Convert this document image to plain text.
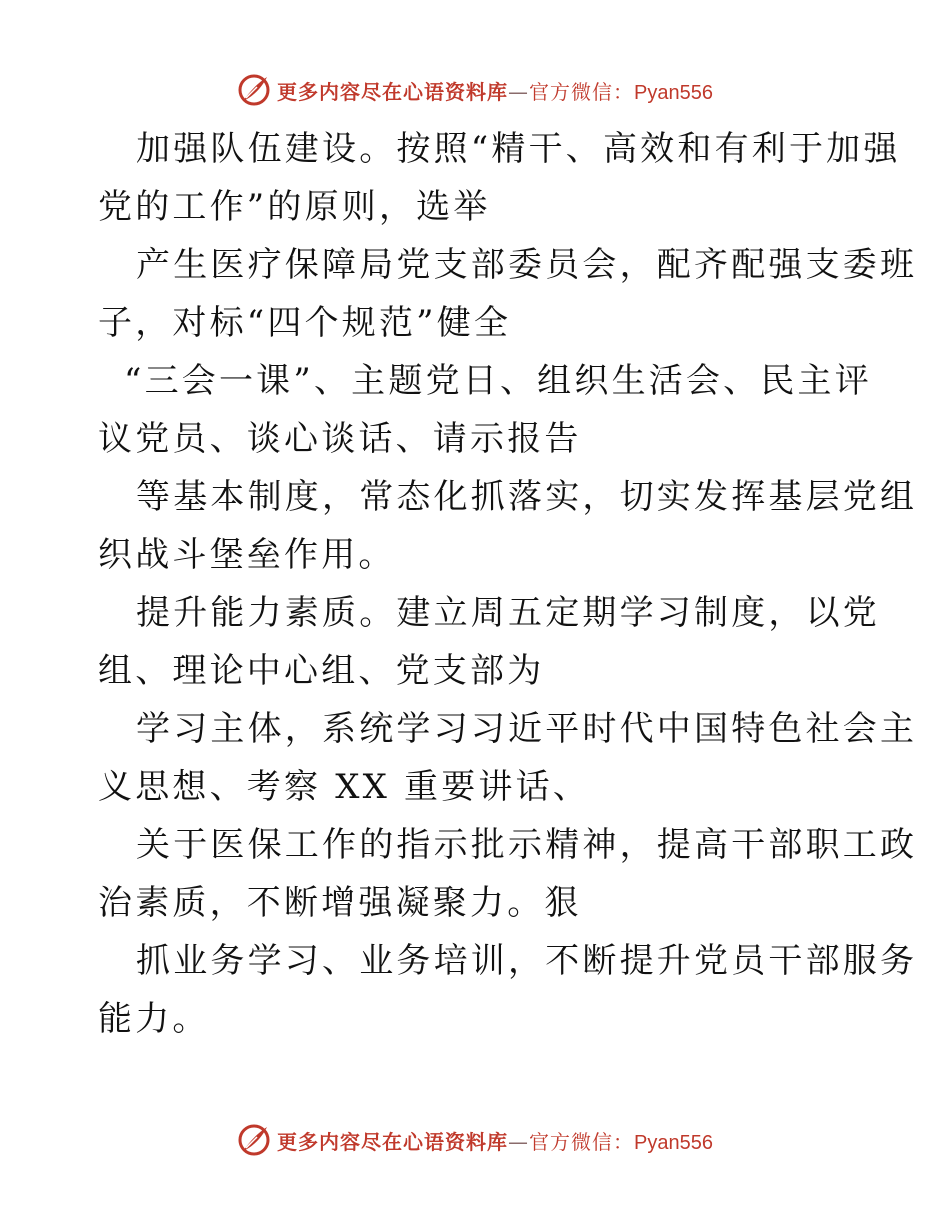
更多内容尽在心语资料库 — 官方微信： Pyan556
加强队伍建设。按照“精干、高效和有利于加强
党的工作”的原则，选举
产生医疗保障局党支部委员会，配齐配强支委班
子，对标“四个规范”健全
“三会一课”、主题党日、组织生活会、民主评
议党员、谈心谈话、请示报告
等基本制度，常态化抓落实，切实发挥基层党组
织战斗堡垒作用。
提升能力素质。建立周五定期学习制度，以党
组、理论中心组、党支部为
学习主体，系统学习习近平时代中国特色社会主
义思想、考察 XX 重要讲话、
关于医保工作的指示批示精神，提高干部职工政
治素质，不断增强凝聚力。狠
抓业务学习、业务培训，不断提升党员干部服务
能力。
更多内容尽在心语资料库 — 官方微信： Pyan556
